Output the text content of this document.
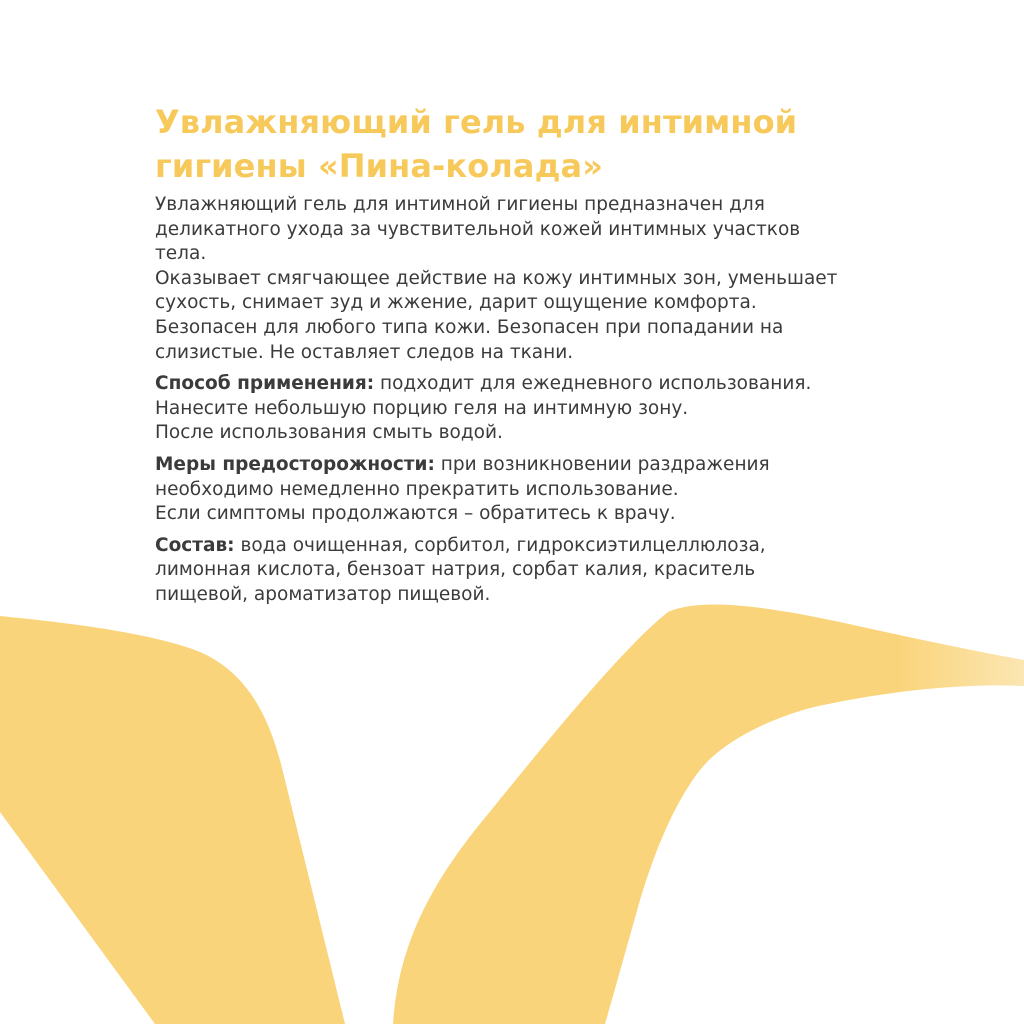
Увлажняющий гель для интимной гигиены «Пина-колада»

Увлажняющий гель для интимной гигиены предназначен для
деликатного ухода за чувствительной кожей интимных участков
тела.
Оказывает смягчающее действие на кожу интимных зон, уменьшает
сухость, снимает зуд и жжение, дарит ощущение комфорта.
Безопасен для любого типа кожи. Безопасен при попадании на
слизистые. Не оставляет следов на ткани.

Способ применения: подходит для ежедневного использования.
Нанесите небольшую порцию геля на интимную зону.
После использования смыть водой.

Меры предосторожности: при возникновении раздражения
необходимо немедленно прекратить использование.
Если симптомы продолжаются – обратитесь к врачу.

Состав: вода очищенная, сорбитол, гидроксиэтилцеллюлоза,
лимонная кислота, бензоат натрия, сорбат калия, краситель
пищевой, ароматизатор пищевой.
